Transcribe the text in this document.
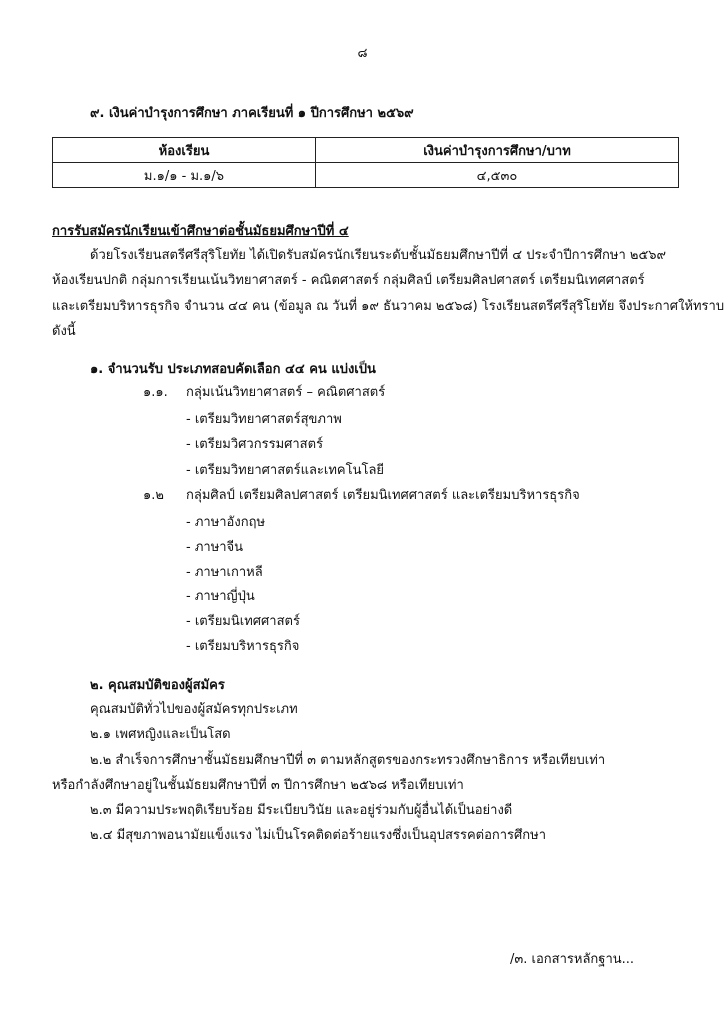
๘
๙. เงินค่าบำรุงการศึกษา ภาคเรียนที่ ๑ ปีการศึกษา ๒๕๖๙
ห้องเรียน	เงินค่าบำรุงการศึกษา/บาท
ม.๑/๑ - ม.๑/๖	๔,๕๓๐
การรับสมัครนักเรียนเข้าศึกษาต่อชั้นมัธยมศึกษาปีที่ ๔
ด้วยโรงเรียนสตรีศรีสุริโยทัย ได้เปิดรับสมัครนักเรียนระดับชั้นมัธยมศึกษาปีที่ ๔ ประจำปีการศึกษา ๒๕๖๙
ห้องเรียนปกติ กลุ่มการเรียนเน้นวิทยาศาสตร์ - คณิตศาสตร์ กลุ่มศิลป์ เตรียมศิลปศาสตร์ เตรียมนิเทศศาสตร์
และเตรียมบริหารธุรกิจ จำนวน ๔๔ คน (ข้อมูล ณ วันที่ ๑๙ ธันวาคม ๒๕๖๘) โรงเรียนสตรีศรีสุริโยทัย จึงประกาศให้ทราบ
ดังนี้
๑. จำนวนรับ ประเภทสอบคัดเลือก ๔๔ คน แบ่งเป็น
๑.๑. กลุ่มเน้นวิทยาศาสตร์ – คณิตศาสตร์
- เตรียมวิทยาศาสตร์สุขภาพ
- เตรียมวิศวกรรมศาสตร์
- เตรียมวิทยาศาสตร์และเทคโนโลยี
๑.๒ กลุ่มศิลป์ เตรียมศิลปศาสตร์ เตรียมนิเทศศาสตร์ และเตรียมบริหารธุรกิจ
- ภาษาอังกฤษ
- ภาษาจีน
- ภาษาเกาหลี
- ภาษาญี่ปุ่น
- เตรียมนิเทศศาสตร์
- เตรียมบริหารธุรกิจ
๒. คุณสมบัติของผู้สมัคร
คุณสมบัติทั่วไปของผู้สมัครทุกประเภท
๒.๑ เพศหญิงและเป็นโสด
๒.๒ สำเร็จการศึกษาชั้นมัธยมศึกษาปีที่ ๓ ตามหลักสูตรของกระทรวงศึกษาธิการ หรือเทียบเท่า
หรือกำลังศึกษาอยู่ในชั้นมัธยมศึกษาปีที่ ๓ ปีการศึกษา ๒๕๖๘ หรือเทียบเท่า
๒.๓ มีความประพฤติเรียบร้อย มีระเบียบวินัย และอยู่ร่วมกับผู้อื่นได้เป็นอย่างดี
๒.๔ มีสุขภาพอนามัยแข็งแรง ไม่เป็นโรคติดต่อร้ายแรงซึ่งเป็นอุปสรรคต่อการศึกษา
/๓. เอกสารหลักฐาน...
